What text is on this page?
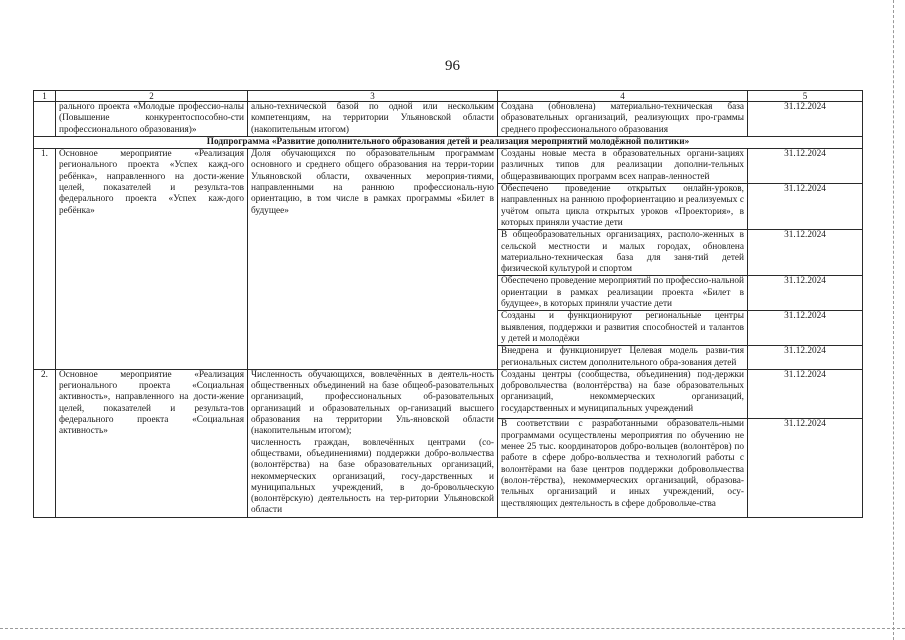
96
1	2	3	4	5
	рального проекта «Молодые профессио-налы (Повышение конкурентоспособно-сти профессионального образования)»	ально-технической базой по одной или нескольким компетенциям, на территории Ульяновской области (накопительным итогом)	Создана (обновлена) материально-техническая база образовательных организаций, реализующих про-граммы среднего профессионального образования	31.12.2024
Подпрограмма «Развитие дополнительного образования детей и реализация мероприятий молодёжной политики»				
1.	Основное мероприятие «Реализация регионального проекта «Успех кажд-ого ребёнка», направленного на дости-жение целей, показателей и результа-тов федерального проекта «Успех каж-дого ребёнка»	Доля обучающихся по образовательным программам основного и среднего общего образования на терри-тории Ульяновской области, охваченных мероприя-тиями, направленными на раннюю профессиональ-ную ориентацию, в том числе в рамках программы «Билет в будущее»	Созданы новые места в образовательных органи-зациях различных типов для реализации дополни-тельных общеразвивающих программ всех направ-ленностей	31.12.2024
			Обеспечено проведение открытых онлайн-уроков, направленных на раннюю профориентацию и реализуемых с учётом опыта цикла открытых уроков «Проектория», в которых приняли участие дети	31.12.2024
			В общеобразовательных организациях, располо-женных в сельской местности и малых городах, обновлена материально-техническая база для заня-тий детей физической культурой и спортом	31.12.2024
			Обеспечено проведение мероприятий по профессио-нальной ориентации в рамках реализации проекта «Билет в будущее», в которых приняли участие дети	31.12.2024
			Созданы и функционируют региональные центры выявления, поддержки и развития способностей и талантов у детей и молодёжи	31.12.2024
			Внедрена и функционирует Целевая модель разви-тия региональных систем дополнительного обра-зования детей	31.12.2024
2.	Основное мероприятие «Реализация регионального проекта «Социальная активность», направленного на дости-жение целей, показателей и результа-тов федерального проекта «Социальная активность»	Численность обучающихся, вовлечённых в деятель-ность общественных объединений на базе общеоб-разовательных организаций, профессиональных об-разовательных организаций и образовательных ор-ганизаций высшего образования на территории Уль-яновской области (накопительным итогом);
численность граждан, вовлечённых центрами (со-обществами, объединениями) поддержки добро-вольчества (волонтёрства) на базе образовательных организаций, некоммерческих организаций, госу-дарственных и муниципальных учреждений, в до-бровольческую (волонтёрскую) деятельность на тер-ритории Ульяновской области	Созданы центры (сообщества, объединения) под-держки добровольчества (волонтёрства) на базе образовательных организаций, некоммерческих организаций, государственных и муниципальных учреждений	31.12.2024
			В соответствии с разработанными образователь-ными программами осуществлены мероприятия по обучению не менее 25 тыс. координаторов добро-вольцев (волонтёров) по работе в сфере добро-вольчества и технологий работы с волонтёрами на базе центров поддержки добровольчества (волон-тёрства), некоммерческих организаций, образова-тельных организаций и иных учреждений, осу-ществляющих деятельность в сфере добровольче-ства	31.12.2024
